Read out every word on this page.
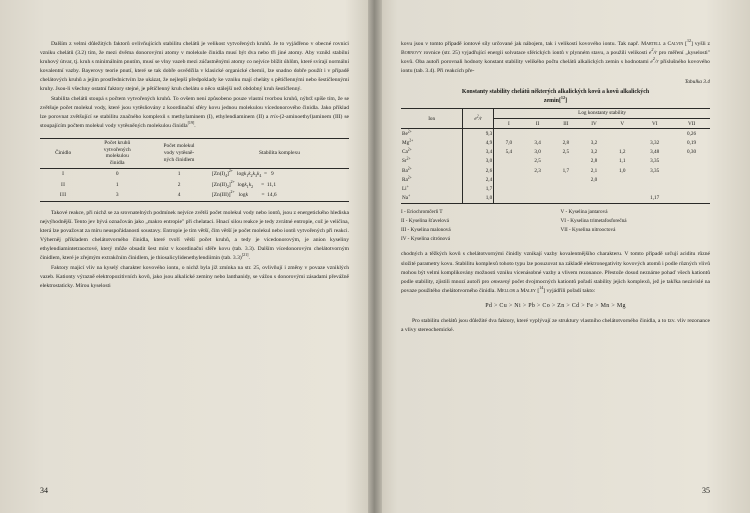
Dalším z velmi důležitých faktorů ovlivňujících stabilitu chelátů je velikost vytvořených kruhů. Je to vyjádřeno v obecné rovnici vzniku chelátů (3.2) tím, že mezi dvěma donorovými atomy v molekule činidla musí být dva nebo tři jiné atomy. Aby vznikl stabilní kruhový útvar, tj. kruh s minimálním pnutím, musí se vlny vazeb mezi zúčastněnými atomy co nejvíce blížit úhlům, které svírají normální kovalentní vazby. Bayerovy teorie pnutí, které se tak dobře osvědčila v klasické organické chemii, lze snadno dobře použít i v případě chelátových kruhů a jejím prostřednictvím lze ukázat, že nejlepší předpoklady ke vzniku mají cheláty s pětičlennými nebo šestičlennými kruhy. Jsou-li všechny ostatní faktory stejné, je pětičlenný kruh chelátu o něco stálejší než obdobný kruh šestičlenný.

Stabilita chelátů stoupá s počtem vytvořených kruhů. To ovšem není způsobeno pouze vlastní tvorbou kruhů, nýbrž spíše tím, že se zvětšuje počet molekul vody, které jsou vytěsňovány z koordinační sféry kovu jednou molekulou vícedonorového činidla. Jako příklad lze porovnat zvětšující se stabilitu značného komplexů s methylaminem (I), ethylendiaminem (II) a tris-(2-aminoethyl)aminem (III) se stoupajícím počtem molekul vody vytěsněných molekulou činidla[19].

Činidlo	Počet kruhů
vytvořených
molekulou
činidla	Počet molekul
vody vytěsně-
ných činidlem	Stabilita komplexu
I	0	1	$[Zn(I)_4]^{2+}$   $\log k_1k_2k_3k_4 = 9$
II	1	2	$[Zn(II)_2]^{2+}$  $\log k_1k_2$      =  11,1
III	3	4	$[Zn(III)]^{2+}$   logk          =  14,6

Takové reakce, při nichž se za srovnatelných podmínek nejvíce zvětší počet molekul vody nebo iontů, jsou z energetického hlediska nejvýhodnější. Tento jev bývá označován jako „makro entropie" při chelataci. Hnací silou reakce je tedy zvrátné entropie, což je veličina, která lze považovat za míru neuspořádanosti soustavy. Entropie je tím větší, čím větší je počet molekul nebo iontů vytvořených při reakci. Výherněj příkladem chelátotvorného činidla, které tvoří větší počet kruhů, a tedy je vícedonorovým, je anion kyseliny ethylendiamintetraoctové, který může obsadit šest míst v koordinační sféře kovu (tab. 3.3). Dalším vícedonorovým chelátotvorným činidlem, které je zřejmým extrakčním činidlem, je thiosalicylidenethylendiimin (tab. 3.3)[21].

Faktory majicí vliv na kyselý charakter kovového iontu, o nichž byla již zmínka na str. 25, ovlivňují i změny v povaze vzniklých vazeb. Kationty výrazně elektropozitivních kovů, jako jsou alkalické zeminy nebo lanthanidy, se vážou s donorovými zásadami převážně elektrostaticky. Mírou kyselosti

34

kovu jsou v tomto případě iontové síly určované jak nábojem, tak i velikostí kovového iontu. Tak např. Martell a Calvin [$^{12}$] vyšli z Bornovy rovnice (str. 25) vyjadřující energii solvatace sférických iontů v plynném stavu, a použili velikosti $e^2/r$ pro měření „kyselosti" kovů. Oba autoři porovnali hodnoty konstant stability velikého počtu chelátů alkalických zemin s hodnotami $e^2/r$ příslušného kovového iontu (tab. 3.4). Při reakcích pře-

Tabulka 3.4
Konstanty stability chelátů některých alkalických kovů a kovů alkalických
zemin[$^{12}$]
Ion	$e^2/r$	Log konstanty stability						
		I	II	III	IV	V	VI	VII
$Be^{2+}$	9,3							0,26
$Mg^{2+}$	4,9	7,0	3,4	2,8	3,2		3,32	0,19
$Ca^{2+}$	3,4	5,4	3,0	2,5	3,2	1,2	3,48	0,30
$Sr^{2+}$	3,0		2,5		2,8	1,1	3,35	
$Ba^{2+}$	2,6		2,3	1,7	2,1	1,0	3,35	
$Ra^{2+}$	2,4				2,0			
Li+	1,7							
Na+	1,0						1,17	
I - Eriochromčerň T
II - Kyselina šťavelová
III - Kyselina malonová
IV - Kyselina citrónová
V - Kyselina jantarová
VI - Kyselina trimetafosforečná
VII - Kyselina nitrooctová

chodných a těžkých kovů s chelátotvornými činidly vznikají vazby kovalentnějšího charakteru. V tomto případě určují aciditu různé složité parametry kovu. Stabilitu komplexů tohoto typu lze posuzovat na základě elektronegativity kovových atomů i podle různých vlivů mohou být velmi komplikovány možnosti vzniku vícenásobné vazby a vlivem rezonance. Přestože dosud neznáme pohaď všech kationtů podle stability, zjistili mnozí autoři pro omezený počet dvojmocných kationtů pořadí stability jejich komplexů, jež je takřka nezávislé na povaze použitého chelátotvorného činidla. Mellor a Maley [$^{14}$] vyjádřili pořadí takto:

Pd > Cu > Ni > Pb > Co > Zn > Cd > Fe > Mn > Mg

Pro stabilitu chelátů jsou důležité dva faktory, které vyplývají ze struktury vlastního chelátotvorného činidla, a to tzv. vliv rezonance a vlivy stereochemické.

35
